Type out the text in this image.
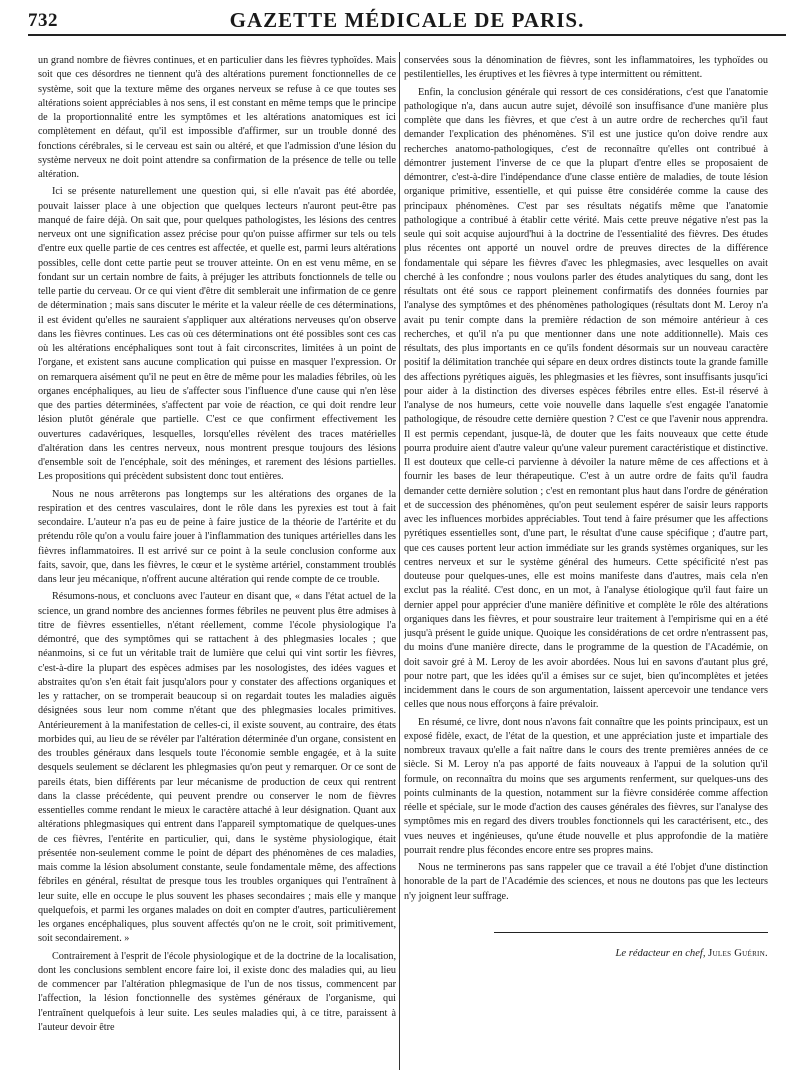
732	GAZETTE MÉDICALE DE PARIS.

un grand nombre de fièvres continues, et en particulier dans les fièvres typhoïdes. Mais soit que ces désordres ne tiennent qu'à des altérations purement fonctionnelles de ce système, soit que la texture même des organes nerveux se refuse à ce que toutes ses altérations soient appréciables à nos sens, il est constant en même temps que le principe de la proportionnalité entre les symptômes et les altérations anatomiques est ici complètement en défaut, qu'il est impossible d'affirmer, sur un trouble donné des fonctions cérébrales, si le cerveau est sain ou altéré, et que l'admission d'une lésion du système nerveux ne doit point attendre sa confirmation de la présence de telle ou telle altération.

Ici se présente naturellement une question qui, si elle n'avait pas été abordée, pouvait laisser place à une objection que quelques lecteurs n'auront peut-être pas manqué de faire déjà. On sait que, pour quelques pathologistes, les lésions des centres nerveux ont une signification assez précise pour qu'on puisse affirmer sur tels ou tels d'entre eux quelle partie de ces centres est affectée, et quelle est, parmi leurs altérations possibles, celle dont cette partie peut se trouver atteinte. On en est venu même, en se fondant sur un certain nombre de faits, à préjuger les attributs fonctionnels de telle ou telle partie du cerveau. Or ce qui vient d'être dit semblerait une infirmation de ce genre de détermination ; mais sans discuter le mérite et la valeur réelle de ces déterminations, il est évident qu'elles ne sauraient s'appliquer aux altérations nerveuses qu'on observe dans les fièvres continues. Les cas où ces déterminations ont été possibles sont ces cas où les altérations encéphaliques sont tout à fait circonscrites, limitées à un point de l'organe, et existent sans aucune complication qui puisse en masquer l'expression. Or on remarquera aisément qu'il ne peut en être de même pour les maladies fébriles, où les organes encéphaliques, au lieu de s'affecter sous l'influence d'une cause qui n'en lèse que des parties déterminées, s'affectent par voie de réaction, ce qui doit rendre leur lésion plutôt générale que partielle. C'est ce que confirment effectivement les ouvertures cadavériques, lesquelles, lorsqu'elles révèlent des traces matérielles d'altération dans les centres nerveux, nous montrent presque toujours des lésions d'ensemble soit de l'encéphale, soit des méninges, et rarement des lésions partielles. Les propositions qui précèdent subsistent donc tout entières.

Nous ne nous arrêterons pas longtemps sur les altérations des organes de la respiration et des centres vasculaires, dont le rôle dans les pyrexies est tout à fait secondaire. L'auteur n'a pas eu de peine à faire justice de la théorie de l'artérite et du prétendu rôle qu'on a voulu faire jouer à l'inflammation des tuniques artérielles dans les fièvres inflammatoires. Il est arrivé sur ce point à la seule conclusion conforme aux faits, savoir, que, dans les fièvres, le cœur et le système artériel, constamment troublés dans leur jeu mécanique, n'offrent aucune altération qui rende compte de ce trouble.

Résumons-nous, et concluons avec l'auteur en disant que, « dans l'état actuel de la science, un grand nombre des anciennes formes fébriles ne peuvent plus être admises à titre de fièvres essentielles, n'étant réellement, comme l'école physiologique l'a démontré, que des symptômes qui se rattachent à des phlegmasies locales ; que néanmoins, si ce fut un véritable trait de lumière que celui qui vint sortir les fièvres, c'est-à-dire la plupart des espèces admises par les nosologistes, des idées vagues et abstraites qu'on s'en était fait jusqu'alors pour y constater des affections organiques et les y rattacher, on se tromperait beaucoup si on regardait toutes les maladies aiguës désignées sous leur nom comme n'étant que des phlegmasies locales primitives. Antérieurement à la manifestation de celles-ci, il existe souvent, au contraire, des états morbides qui, au lieu de se révéler par l'altération déterminée d'un organe, consistent en des troubles généraux dans lesquels toute l'économie semble engagée, et à la suite desquels seulement se déclarent les phlegmasies qu'on peut y remarquer. Or ce sont de pareils états, bien différents par leur mécanisme de production de ceux qui rentrent dans la classe précédente, qui peuvent prendre ou conserver le nom de fièvres essentielles comme rendant le mieux le caractère attaché à leur désignation. Quant aux altérations phlegmasiques qui entrent dans l'appareil symptomatique de quelques-unes de ces fièvres, l'entérite en particulier, qui, dans le système physiologique, était présentée non-seulement comme le point de départ des phénomènes de ces maladies, mais comme la lésion absolument constante, seule fondamentale même, des affections fébriles en général, résultat de presque tous les troubles organiques qui l'entraînent à leur suite, elle en occupe le plus souvent les phases secondaires ; mais elle y manque quelquefois, et parmi les organes malades on doit en compter d'autres, particulièrement les organes encéphaliques, plus souvent affectés qu'on ne le croit, soit primitivement, soit secondairement. »

Contrairement à l'esprit de l'école physiologique et de la doctrine de la localisation, dont les conclusions semblent encore faire loi, il existe donc des maladies qui, au lieu de commencer par l'altération phlegmasique de l'un de nos tissus, commencent par l'affection, la lésion fonctionnelle des systèmes généraux de l'organisme, qui l'entraînent quelquefois à leur suite. Les seules maladies qui, à ce titre, paraissent à l'auteur devoir être

conservées sous la dénomination de fièvres, sont les inflammatoires, les typhoïdes ou pestilentielles, les éruptives et les fièvres à type intermittent ou rémittent.

Enfin, la conclusion générale qui ressort de ces considérations, c'est que l'anatomie pathologique n'a, dans aucun autre sujet, dévoilé son insuffisance d'une manière plus complète que dans les fièvres, et que c'est à un autre ordre de recherches qu'il faut demander l'explication des phénomènes. S'il est une justice qu'on doive rendre aux recherches anatomo-pathologiques, c'est de reconnaître qu'elles ont contribué à démontrer justement l'inverse de ce que la plupart d'entre elles se proposaient de démontrer, c'est-à-dire l'indépendance d'une classe entière de maladies, de toute lésion organique primitive, essentielle, et qui puisse être considérée comme la cause des principaux phénomènes. C'est par ses résultats négatifs même que l'anatomie pathologique a contribué à établir cette vérité. Mais cette preuve négative n'est pas la seule qui soit acquise aujourd'hui à la doctrine de l'essentialité des fièvres. Des études plus récentes ont apporté un nouvel ordre de preuves directes de la différence fondamentale qui sépare les fièvres d'avec les phlegmasies, avec lesquelles on avait cherché à les confondre ; nous voulons parler des études analytiques du sang, dont les résultats ont été sous ce rapport pleinement confirmatifs des données fournies par l'analyse des symptômes et des phénomènes pathologiques (résultats dont M. Leroy n'a avait pu tenir compte dans la première rédaction de son mémoire antérieur à ces recherches, et qu'il n'a pu que mentionner dans une note additionnelle). Mais ces résultats, des plus importants en ce qu'ils fondent désormais sur un nouveau caractère positif la délimitation tranchée qui sépare en deux ordres distincts toute la grande famille des affections pyrétiques aiguës, les phlegmasies et les fièvres, sont insuffisants jusqu'ici pour aider à la distinction des diverses espèces fébriles entre elles. Est-il réservé à l'analyse de nos humeurs, cette voie nouvelle dans laquelle s'est engagée l'anatomie pathologique, de résoudre cette dernière question ? C'est ce que l'avenir nous apprendra. Il est permis cependant, jusque-là, de douter que les faits nouveaux que cette étude pourra produire aient d'autre valeur qu'une valeur purement caractéristique et distinctive. Il est douteux que celle-ci parvienne à dévoiler la nature même de ces affections et à fournir les bases de leur thérapeutique. C'est à un autre ordre de faits qu'il faudra demander cette dernière solution ; c'est en remontant plus haut dans l'ordre de génération et de succession des phénomènes, qu'on peut seulement espérer de saisir leurs rapports avec les influences morbides appréciables. Tout tend à faire présumer que les affections pyrétiques essentielles sont, d'une part, le résultat d'une cause spécifique ; d'autre part, que ces causes portent leur action immédiate sur les grands systèmes organiques, sur les centres nerveux et sur le système général des humeurs. Cette spécificité n'est pas douteuse pour quelques-unes, elle est moins manifeste dans d'autres, mais cela n'en exclut pas la réalité. C'est donc, en un mot, à l'analyse étiologique qu'il faut faire un dernier appel pour apprécier d'une manière définitive et complète le rôle des altérations organiques dans les fièvres, et pour soustraire leur traitement à l'empirisme qui en a été jusqu'à présent le guide unique. Quoique les considérations de cet ordre n'entrassent pas, du moins d'une manière directe, dans le programme de la question de l'Académie, on doit savoir gré à M. Leroy de les avoir abordées. Nous lui en savons d'autant plus gré, pour notre part, que les idées qu'il a émises sur ce sujet, bien qu'incomplètes et jetées incidemment dans le cours de son argumentation, laissent apercevoir une tendance vers celles que nous nous efforçons à faire prévaloir.

En résumé, ce livre, dont nous n'avons fait connaître que les points principaux, est un exposé fidèle, exact, de l'état de la question, et une appréciation juste et impartiale des nombreux travaux qu'elle a fait naître dans le cours des trente premières années de ce siècle. Si M. Leroy n'a pas apporté de faits nouveaux à l'appui de la solution qu'il formule, on reconnaîtra du moins que ses arguments renferment, sur quelques-uns des points culminants de la question, notamment sur la fièvre considérée comme affection réelle et spéciale, sur le mode d'action des causes générales des fièvres, sur l'analyse des symptômes mis en regard des divers troubles fonctionnels qui les caractérisent, etc., des vues neuves et ingénieuses, qu'une étude nouvelle et plus approfondie de la matière pourrait rendre plus fécondes encore entre ses propres mains.

Nous ne terminerons pas sans rappeler que ce travail a été l'objet d'une distinction honorable de la part de l'Académie des sciences, et nous ne doutons pas que les lecteurs n'y joignent leur suffrage.

Le rédacteur en chef, Jules Guérin.
